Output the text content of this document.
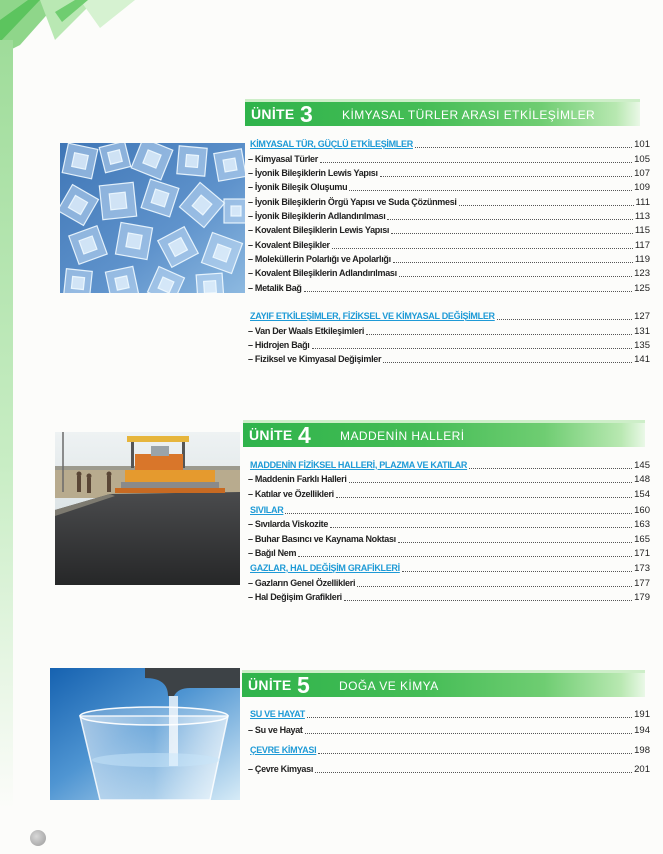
ÜNİTE 3 KİMYASAL TÜRLER ARASI ETKİLEŞİMLER
KİMYASAL TÜR, GÜÇLÜ ETKİLEŞİMLER	101
– Kimyasal Türler	105
– İyonik Bileşiklerin Lewis Yapısı	107
– İyonik Bileşik Oluşumu	109
– İyonik Bileşiklerin Örgü Yapısı ve Suda Çözünmesi	111
– İyonik Bileşiklerin Adlandırılması	113
– Kovalent Bileşiklerin Lewis Yapısı	115
– Kovalent Bileşikler	117
– Moleküllerin Polarlığı ve Apolarlığı	119
– Kovalent Bileşiklerin Adlandırılması	123
– Metalik Bağ	125
ZAYIF ETKİLEŞİMLER, FİZİKSEL VE KİMYASAL DEĞİŞİMLER	127
– Van Der Waals Etkileşimleri	131
– Hidrojen Bağı	135
– Fiziksel ve Kimyasal Değişimler	141
ÜNİTE 4 MADDENİN HALLERİ
MADDENİN FİZİKSEL HALLERİ, PLAZMA VE KATILAR	145
– Maddenin Farklı Halleri	148
– Katılar ve Özellikleri	154
SIVILAR	160
– Sıvılarda Viskozite	163
– Buhar Basıncı ve Kaynama Noktası	165
– Bağıl Nem	171
GAZLAR, HAL DEĞİŞİM GRAFİKLERİ	173
– Gazların Genel Özellikleri	177
– Hal Değişim Grafikleri	179
ÜNİTE 5 DOĞA VE KİMYA
SU VE HAYAT	191
– Su ve Hayat	194
ÇEVRE KİMYASI	198
– Çevre Kimyası	201
